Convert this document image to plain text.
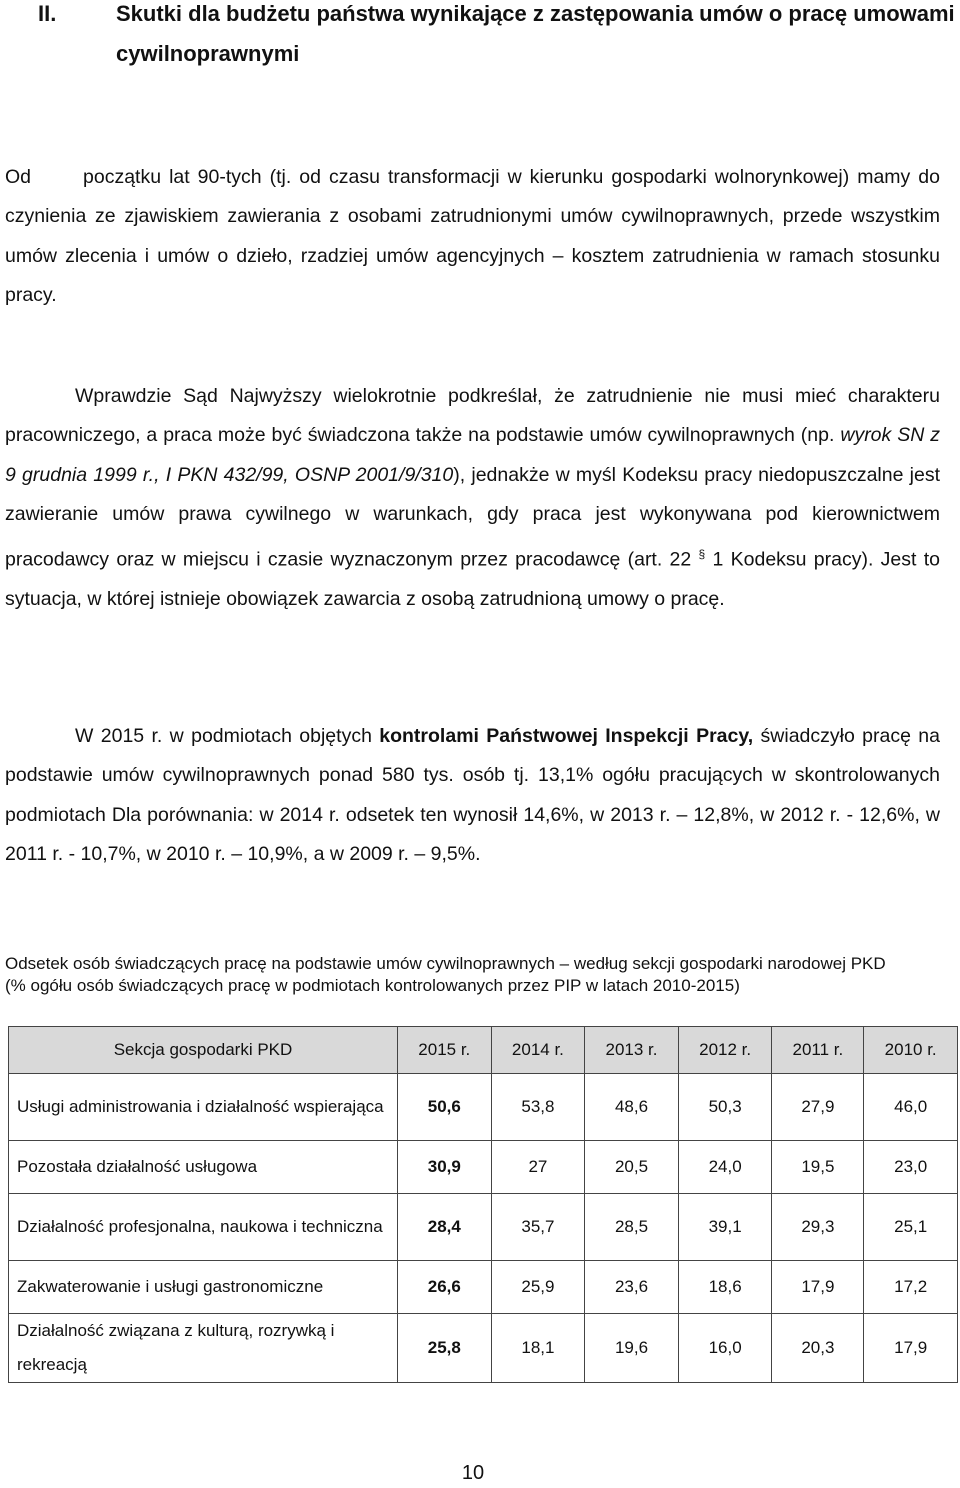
II.	Skutki dla budżetu państwa wynikające z zastępowania umów o pracę umowami cywilnoprawnymi

Od	początku lat 90-tych (tj. od czasu transformacji w kierunku gospodarki wolnorynkowej) mamy do czynienia ze zjawiskiem zawierania z osobami zatrudnionymi umów cywilnoprawnych, przede wszystkim umów zlecenia i umów o dzieło, rzadziej umów agencyjnych – kosztem zatrudnienia w ramach stosunku pracy.

Wprawdzie Sąd Najwyższy wielokrotnie podkreślał, że zatrudnienie nie musi mieć charakteru pracowniczego, a praca może być świadczona także na podstawie umów cywilnoprawnych (np. wyrok SN z 9 grudnia 1999 r., I PKN 432/99, OSNP 2001/9/310), jednakże w myśl Kodeksu pracy niedopuszczalne jest zawieranie umów prawa cywilnego w warunkach, gdy praca jest wykonywana pod kierownictwem pracodawcy oraz w miejscu i czasie wyznaczonym przez pracodawcę (art. 22 § 1 Kodeksu pracy). Jest to sytuacja, w której istnieje obowiązek zawarcia z osobą zatrudnioną umowy o pracę.

W 2015 r. w podmiotach objętych kontrolami Państwowej Inspekcji Pracy, świadczyło pracę na podstawie umów cywilnoprawnych ponad 580 tys. osób tj. 13,1% ogółu pracujących w skontrolowanych podmiotach Dla porównania: w 2014 r. odsetek ten wynosił 14,6%, w 2013 r. – 12,8%, w 2012 r. - 12,6%, w 2011 r. - 10,7%, w 2010 r. – 10,9%, a w 2009 r. – 9,5%.

Odsetek osób świadczących pracę na podstawie umów cywilnoprawnych – według sekcji gospodarki narodowej PKD
(% ogółu osób świadczących pracę w podmiotach kontrolowanych przez PIP w latach 2010-2015)
Sekcja gospodarki PKD	2015 r.	2014 r.	2013 r.	2012 r.	2011 r.	2010 r.
Usługi administrowania i działalność wspierająca	50,6	53,8	48,6	50,3	27,9	46,0
Pozostała działalność usługowa	30,9	27	20,5	24,0	19,5	23,0
Działalność profesjonalna, naukowa i techniczna	28,4	35,7	28,5	39,1	29,3	25,1
Zakwaterowanie i usługi gastronomiczne	26,6	25,9	23,6	18,6	17,9	17,2
Działalność związana z kulturą, rozrywką i rekreacją	25,8	18,1	19,6	16,0	20,3	17,9
10
